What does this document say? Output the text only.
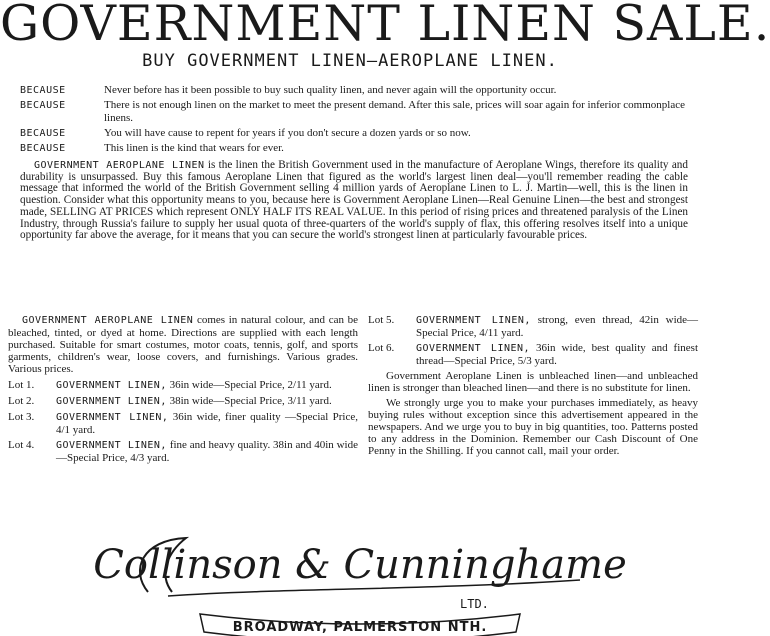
GOVERNMENT LINEN SALE.
BUY GOVERNMENT LINEN—AEROPLANE LINEN.
BECAUSE	Never before has it been possible to buy such quality linen, and never again will the opportunity occur.
BECAUSE	There is not enough linen on the market to meet the present demand. After this sale, prices will soar again for inferior commonplace linens.
BECAUSE	You will have cause to repent for years if you don't secure a dozen yards or so now.
BECAUSE	This linen is the kind that wears for ever.
GOVERNMENT AEROPLANE LINEN is the linen the British Government used in the manufacture of Aeroplane Wings, therefore its quality and durability is unsurpassed. Buy this famous Aeroplane Linen that figured as the world's largest linen deal—you'll remember reading the cable message that informed the world of the British Government selling 4 million yards of Aeroplane Linen to L. J. Martin—well, this is the linen in question. Consider what this opportunity means to you, because here is Government Aeroplane Linen—Real Genuine Linen—the best and strongest made, SELLING AT PRICES which represent ONLY HALF ITS REAL VALUE. In this period of rising prices and threatened paralysis of the Linen Industry, through Russia's failure to supply her usual quota of three-quarters of the world's supply of flax, this offering resolves itself into a unique opportunity far above the average, for it means that you can secure the world's strongest linen at particularly favourable prices.
GOVERNMENT AEROPLANE LINEN comes in natural colour, and can be bleached, tinted, or dyed at home. Directions are supplied with each length purchased. Suitable for smart costumes, motor coats, tennis, golf, and sports garments, children's wear, loose covers, and furnishings. Various grades. Various prices.
Lot 1.	GOVERNMENT LINEN, 36in wide—Special Price, 2/11 yard.
Lot 2.	GOVERNMENT LINEN, 38in wide—Special Price, 3/11 yard.
Lot 3.	GOVERNMENT LINEN, 36in wide, finer quality —Special Price, 4/1 yard.
Lot 4.	GOVERNMENT LINEN, fine and heavy quality. 38in and 40in wide—Special Price, 4/3 yard.
Lot 5.	GOVERNMENT LINEN, strong, even thread, 42in wide—Special Price, 4/11 yard.
Lot 6.	GOVERNMENT LINEN, 36in wide, best quality and finest thread—Special Price, 5/3 yard.
Government Aeroplane Linen is unbleached linen—and unbleached linen is stronger than bleached linen—and there is no substitute for linen.
We strongly urge you to make your purchases immediately, as heavy buying rules without exception since this advertisement appeared in the newspapers. And we urge you to buy in big quantities, too. Patterns posted to any address in the Dominion. Remember our Cash Discount of One Penny in the Shilling. If you cannot call, mail your order.
Collinson & Cunninghame
LTD.
BROADWAY, PALMERSTON NTH.
